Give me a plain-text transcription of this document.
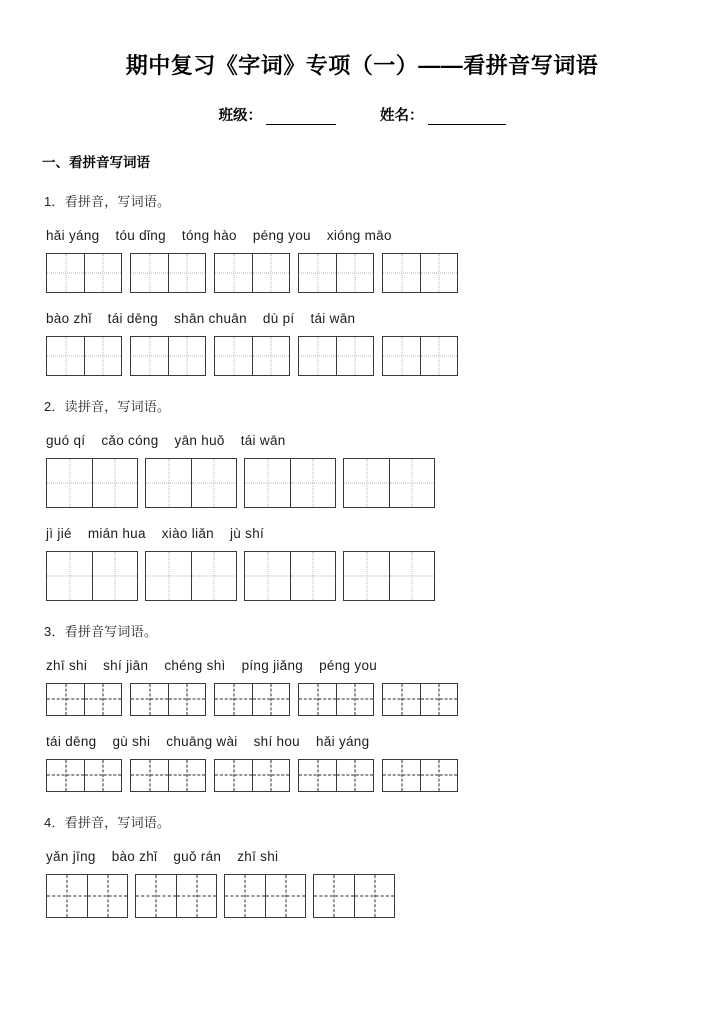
期中复习《字词》专项（一）——看拼音写词语
班级：	姓名：
一、看拼音写词语
1．看拼音，写词语。
hǎi yáng tóu dǐng tóng hào péng you xióng māo
bào zhǐ tái dēng shān chuān dù pí tái wān
2．读拼音，写词语。
guó qí cǎo cóng yān huǒ tái wān
jì jié mián hua xiào liǎn jù shí
3．看拼音写词语。
zhī shi shí jiān chéng shì píng jiǎng péng you
tái dēng gù shi chuāng wài shí hou hǎi yáng
4．看拼音，写词语。
yǎn jīng bào zhǐ guǒ rán zhī shi
